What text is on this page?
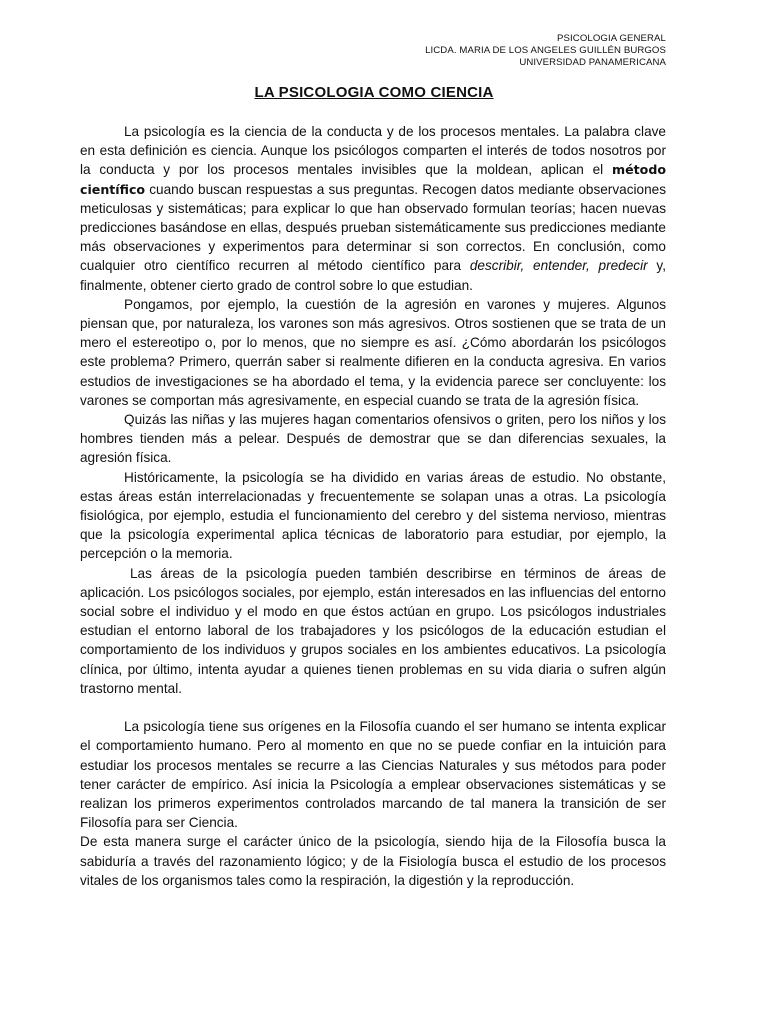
PSICOLOGIA GENERAL
LICDA. MARIA DE LOS ANGELES GUILLÉN BURGOS
UNIVERSIDAD PANAMERICANA
LA PSICOLOGIA COMO CIENCIA

La psicología es la ciencia de la conducta y de los procesos mentales. La palabra clave en esta definición es ciencia. Aunque los psicólogos comparten el interés de todos nosotros por la conducta y por los procesos mentales invisibles que la moldean, aplican el método científico cuando buscan respuestas a sus preguntas. Recogen datos mediante observaciones meticulosas y sistemáticas; para explicar lo que han observado formulan teorías; hacen nuevas predicciones basándose en ellas, después prueban sistemáticamente sus predicciones mediante más observaciones y experimentos para determinar si son correctos. En conclusión, como cualquier otro científico recurren al método científico para describir, entender, predecir y, finalmente, obtener cierto grado de control sobre lo que estudian.

Pongamos, por ejemplo, la cuestión de la agresión en varones y mujeres. Algunos piensan que, por naturaleza, los varones son más agresivos. Otros sostienen que se trata de un mero el estereotipo o, por lo menos, que no siempre es así. ¿Cómo abordarán los psicólogos este problema? Primero, querrán saber si realmente difieren en la conducta agresiva. En varios estudios de investigaciones se ha abordado el tema, y la evidencia parece ser concluyente: los varones se comportan más agresivamente, en especial cuando se trata de la agresión física.

Quizás las niñas y las mujeres hagan comentarios ofensivos o griten, pero los niños y los hombres tienden más a pelear. Después de demostrar que se dan diferencias sexuales, la agresión física.

Históricamente, la psicología se ha dividido en varias áreas de estudio. No obstante, estas áreas están interrelacionadas y frecuentemente se solapan unas a otras. La psicología fisiológica, por ejemplo, estudia el funcionamiento del cerebro y del sistema nervioso, mientras que la psicología experimental aplica técnicas de laboratorio para estudiar, por ejemplo, la percepción o la memoria.

Las áreas de la psicología pueden también describirse en términos de áreas de aplicación. Los psicólogos sociales, por ejemplo, están interesados en las influencias del entorno social sobre el individuo y el modo en que éstos actúan en grupo. Los psicólogos industriales estudian el entorno laboral de los trabajadores y los psicólogos de la educación estudian el comportamiento de los individuos y grupos sociales en los ambientes educativos. La psicología clínica, por último, intenta ayudar a quienes tienen problemas en su vida diaria o sufren algún trastorno mental.

La psicología tiene sus orígenes en la Filosofía cuando el ser humano se intenta explicar el comportamiento humano. Pero al momento en que no se puede confiar en la intuición para estudiar los procesos mentales se recurre a las Ciencias Naturales y sus métodos para poder tener carácter de empírico. Así inicia la Psicología a emplear observaciones sistemáticas y se realizan los primeros experimentos controlados marcando de tal manera la transición de ser Filosofía para ser Ciencia.

De esta manera surge el carácter único de la psicología, siendo hija de la Filosofía busca la sabiduría a través del razonamiento lógico; y de la Fisiología busca el estudio de los procesos vitales de los organismos tales como la respiración, la digestión y la reproducción.
